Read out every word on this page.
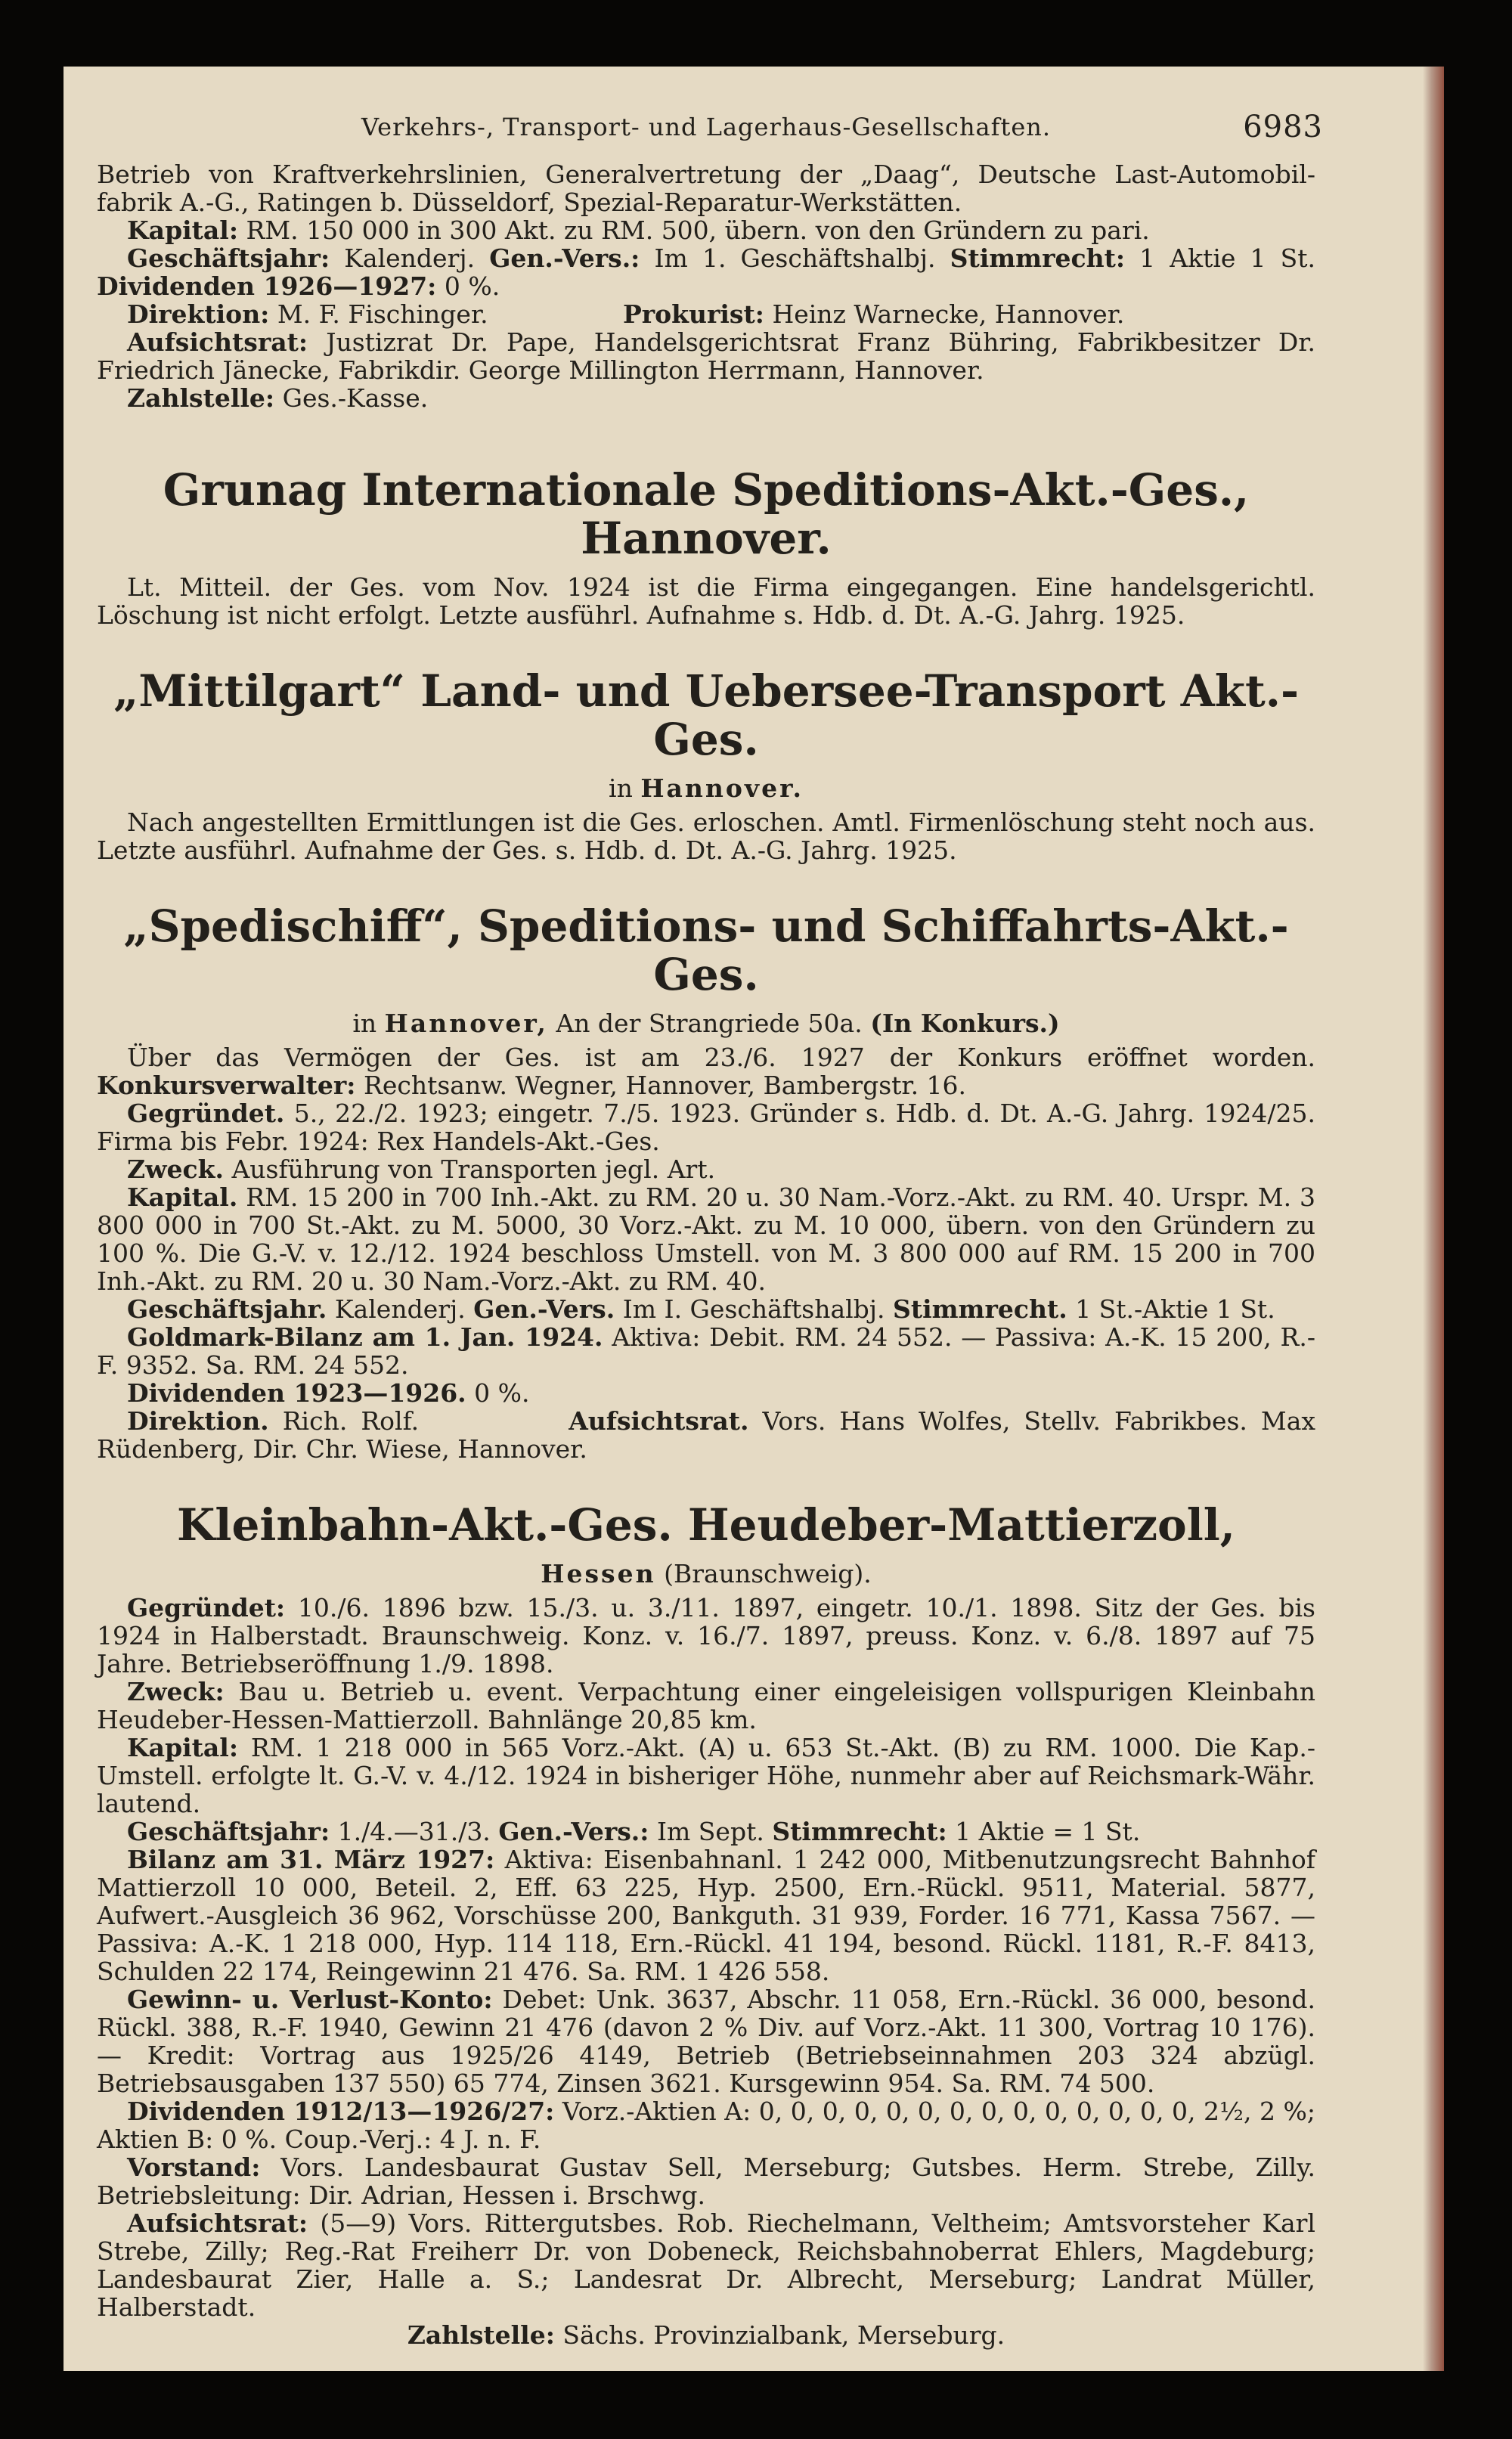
Verkehrs-, Transport- und Lagerhaus-Gesellschaften.	6983

Betrieb von Kraftverkehrslinien, Generalvertretung der „Daag“, Deutsche Last-Automobil-fabrik A.-G., Ratingen b. Düsseldorf, Spezial-Reparatur-Werkstätten.

Kapital: RM. 150 000 in 300 Akt. zu RM. 500, übern. von den Gründern zu pari.

Geschäftsjahr: Kalenderj. Gen.-Vers.: Im 1. Geschäftshalbj. Stimmrecht: 1 Aktie 1 St. Dividenden 1926—1927: 0 %.

Direktion: M. F. Fischinger.	Prokurist: Heinz Warnecke, Hannover.

Aufsichtsrat: Justizrat Dr. Pape, Handelsgerichtsrat Franz Bühring, Fabrikbesitzer Dr. Friedrich Jänecke, Fabrikdir. George Millington Herrmann, Hannover.

Zahlstelle: Ges.-Kasse.

Grunag Internationale Speditions-Akt.-Ges., Hannover.

Lt. Mitteil. der Ges. vom Nov. 1924 ist die Firma eingegangen. Eine handelsgerichtl. Löschung ist nicht erfolgt. Letzte ausführl. Aufnahme s. Hdb. d. Dt. A.-G. Jahrg. 1925.

„Mittilgart“ Land- und Uebersee-Transport Akt.-Ges.
in Hannover.

Nach angestellten Ermittlungen ist die Ges. erloschen. Amtl. Firmenlöschung steht noch aus. Letzte ausführl. Aufnahme der Ges. s. Hdb. d. Dt. A.-G. Jahrg. 1925.

„Spedischiff“, Speditions- und Schiffahrts-Akt.-Ges.
in Hannover, An der Strangriede 50a. (In Konkurs.)

Über das Vermögen der Ges. ist am 23./6. 1927 der Konkurs eröffnet worden. Konkursverwalter: Rechtsanw. Wegner, Hannover, Bambergstr. 16.

Gegründet. 5., 22./2. 1923; eingetr. 7./5. 1923. Gründer s. Hdb. d. Dt. A.-G. Jahrg. 1924/25. Firma bis Febr. 1924: Rex Handels-Akt.-Ges.

Zweck. Ausführung von Transporten jegl. Art.

Kapital. RM. 15 200 in 700 Inh.-Akt. zu RM. 20 u. 30 Nam.-Vorz.-Akt. zu RM. 40. Urspr. M. 3 800 000 in 700 St.-Akt. zu M. 5000, 30 Vorz.-Akt. zu M. 10 000, übern. von den Gründern zu 100 %. Die G.-V. v. 12./12. 1924 beschloss Umstell. von M. 3 800 000 auf RM. 15 200 in 700 Inh.-Akt. zu RM. 20 u. 30 Nam.-Vorz.-Akt. zu RM. 40.

Geschäftsjahr. Kalenderj. Gen.-Vers. Im I. Geschäftshalbj. Stimmrecht. 1 St.-Aktie 1 St.

Goldmark-Bilanz am 1. Jan. 1924. Aktiva: Debit. RM. 24 552. — Passiva: A.-K. 15 200, R.-F. 9352. Sa. RM. 24 552.

Dividenden 1923—1926. 0 %.

Direktion. Rich. Rolf.	Aufsichtsrat. Vors. Hans Wolfes, Stellv. Fabrikbes. Max Rüdenberg, Dir. Chr. Wiese, Hannover.

Kleinbahn-Akt.-Ges. Heudeber-Mattierzoll,
Hessen (Braunschweig).

Gegründet: 10./6. 1896 bzw. 15./3. u. 3./11. 1897, eingetr. 10./1. 1898. Sitz der Ges. bis 1924 in Halberstadt. Braunschweig. Konz. v. 16./7. 1897, preuss. Konz. v. 6./8. 1897 auf 75 Jahre. Betriebseröffnung 1./9. 1898.

Zweck: Bau u. Betrieb u. event. Verpachtung einer eingeleisigen vollspurigen Kleinbahn Heudeber-Hessen-Mattierzoll. Bahnlänge 20,85 km.

Kapital: RM. 1 218 000 in 565 Vorz.-Akt. (A) u. 653 St.-Akt. (B) zu RM. 1000. Die Kap.-Umstell. erfolgte lt. G.-V. v. 4./12. 1924 in bisheriger Höhe, nunmehr aber auf Reichsmark-Währ. lautend.

Geschäftsjahr: 1./4.—31./3. Gen.-Vers.: Im Sept. Stimmrecht: 1 Aktie = 1 St.

Bilanz am 31. März 1927: Aktiva: Eisenbahnanl. 1 242 000, Mitbenutzungsrecht Bahnhof Mattierzoll 10 000, Beteil. 2, Eff. 63 225, Hyp. 2500, Ern.-Rückl. 9511, Material. 5877, Aufwert.-Ausgleich 36 962, Vorschüsse 200, Bankguth. 31 939, Forder. 16 771, Kassa 7567. — Passiva: A.-K. 1 218 000, Hyp. 114 118, Ern.-Rückl. 41 194, besond. Rückl. 1181, R.-F. 8413, Schulden 22 174, Reingewinn 21 476. Sa. RM. 1 426 558.

Gewinn- u. Verlust-Konto: Debet: Unk. 3637, Abschr. 11 058, Ern.-Rückl. 36 000, besond. Rückl. 388, R.-F. 1940, Gewinn 21 476 (davon 2 % Div. auf Vorz.-Akt. 11 300, Vortrag 10 176). — Kredit: Vortrag aus 1925/26 4149, Betrieb (Betriebseinnahmen 203 324 abzügl. Betriebsausgaben 137 550) 65 774, Zinsen 3621. Kursgewinn 954. Sa. RM. 74 500.

Dividenden 1912/13—1926/27: Vorz.-Aktien A: 0, 0, 0, 0, 0, 0, 0, 0, 0, 0, 0, 0, 0, 0, 2½, 2 %; Aktien B: 0 %. Coup.-Verj.: 4 J. n. F.

Vorstand: Vors. Landesbaurat Gustav Sell, Merseburg; Gutsbes. Herm. Strebe, Zilly. Betriebsleitung: Dir. Adrian, Hessen i. Brschwg.

Aufsichtsrat: (5—9) Vors. Rittergutsbes. Rob. Riechelmann, Veltheim; Amtsvorsteher Karl Strebe, Zilly; Reg.-Rat Freiherr Dr. von Dobeneck, Reichsbahnoberrat Ehlers, Magdeburg; Landesbaurat Zier, Halle a. S.; Landesrat Dr. Albrecht, Merseburg; Landrat Müller, Halberstadt.

Zahlstelle: Sächs. Provinzialbank, Merseburg.
